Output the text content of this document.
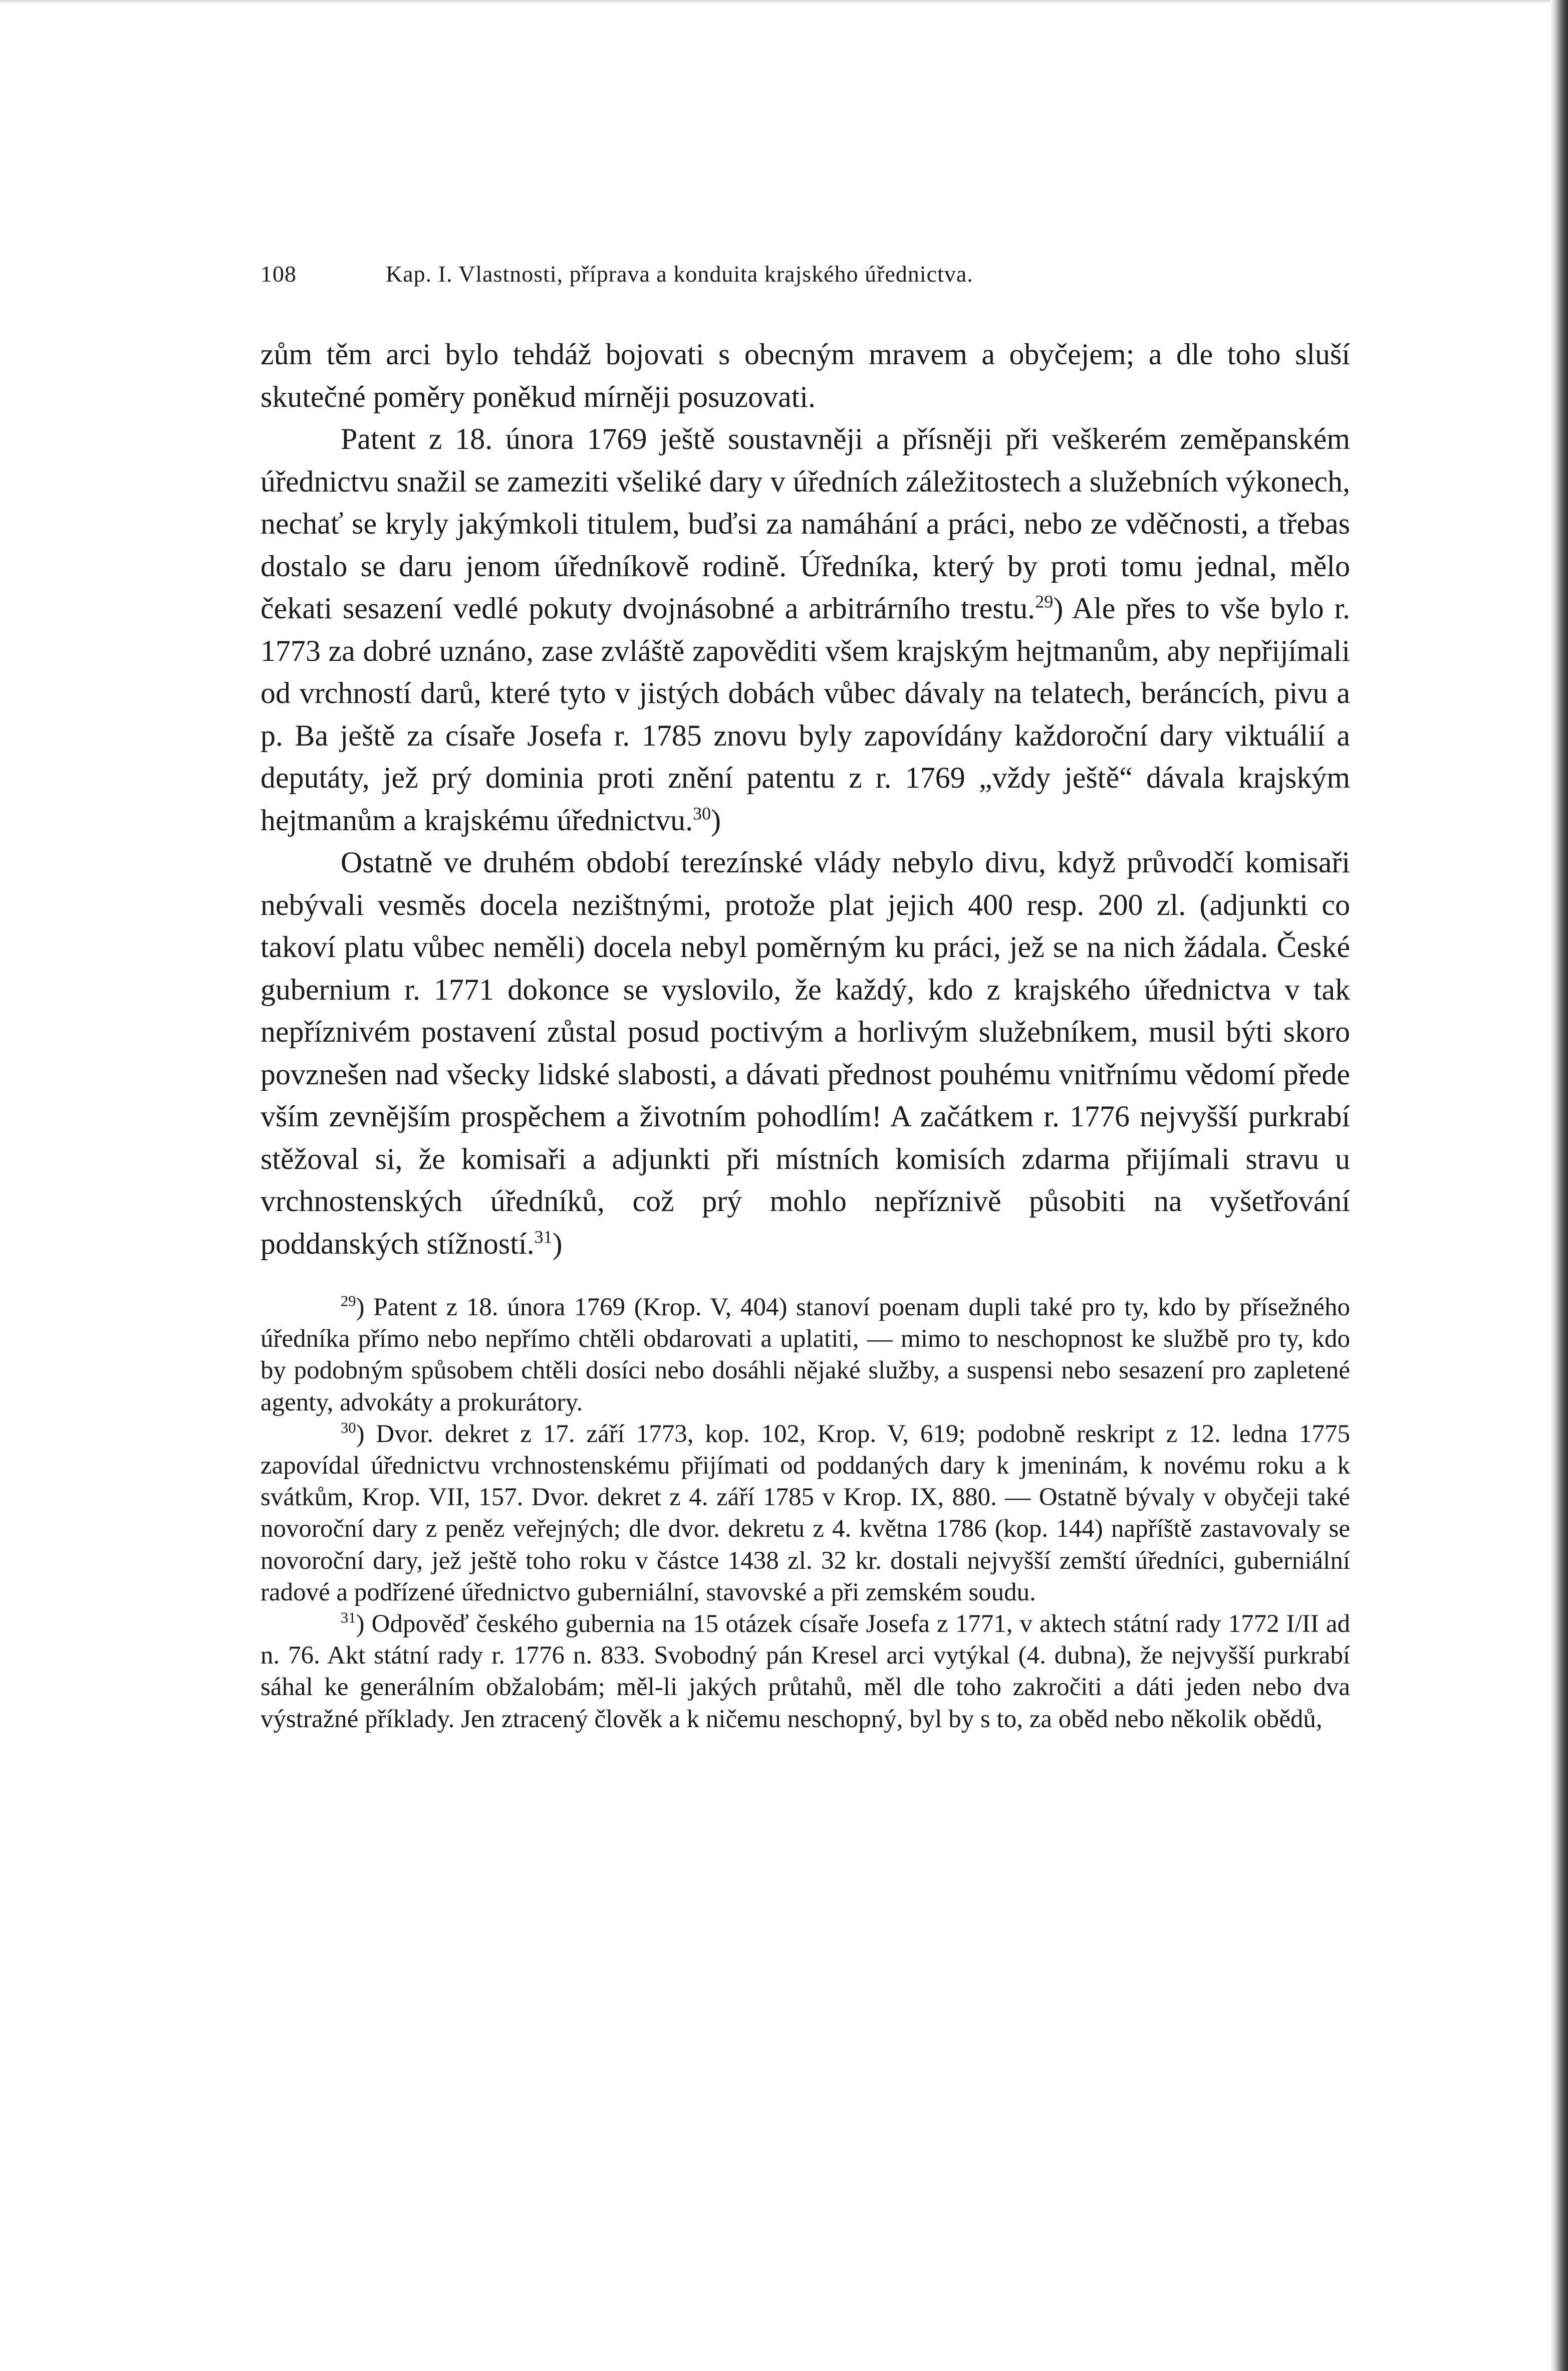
108	Kap. I. Vlastnosti, příprava a konduita krajského úřednictva.

zům těm arci bylo tehdáž bojovati s obecným mravem a obyčejem; a dle toho sluší skutečné poměry poněkud mírněji posuzovati.

Patent z 18. února 1769 ještě soustavněji a přísněji při veškerém zeměpanském úřednictvu snažil se zameziti všeliké dary v úředních záležitostech a služebních výkonech, nechať se kryly jakýmkoli titulem, buďsi za namáhání a práci, nebo ze vděčnosti, a třebas dostalo se daru jenom úředníkově rodině. Úředníka, který by proti tomu jednal, mělo čekati sesazení vedlé pokuty dvojnásobné a arbitrárního trestu.$^{29}$) Ale přes to vše bylo r. 1773 za dobré uznáno, zase zvláště zapověditi všem krajským hejtmanům, aby nepřijímali od vrchností darů, které tyto v jistých dobách vůbec dávaly na telatech, beráncích, pivu a p. Ba ještě za císaře Josefa r. 1785 znovu byly zapovídány každoroční dary viktuálií a deputáty, jež prý dominia proti znění patentu z r. 1769 „vždy ještě“ dávala krajským hejtmanům a krajskému úřednictvu.$^{30}$)

Ostatně ve druhém období terezínské vlády nebylo divu, když průvodčí komisaři nebývali vesměs docela nezištnými, protože plat jejich 400 resp. 200 zl. (adjunkti co takoví platu vůbec neměli) docela nebyl poměrným ku práci, jež se na nich žádala. České gubernium r. 1771 dokonce se vyslovilo, že každý, kdo z krajského úřednictva v tak nepříznivém postavení zůstal posud poctivým a horlivým služebníkem, musil býti skoro povznešen nad všecky lidské slabosti, a dávati přednost pouhému vnitřnímu vědomí přede vším zevnějším prospěchem a životním pohodlím! A začátkem r. 1776 nejvyšší purkrabí stěžoval si, že komisaři a adjunkti při místních komisích zdarma přijímali stravu u vrchnostenských úředníků, což prý mohlo nepříznivě působiti na vyšetřování poddanských stížností.$^{31}$)

$^{29}$) Patent z 18. února 1769 (Krop. V, 404) stanoví poenam dupli také pro ty, kdo by přísežného úředníka přímo nebo nepřímo chtěli obdarovati a uplatiti, — mimo to neschopnost ke službě pro ty, kdo by podobným spůsobem chtěli dosíci nebo dosáhli nějaké služby, a suspensi nebo sesazení pro zapletené agenty, advokáty a prokurátory.

$^{30}$) Dvor. dekret z 17. září 1773, kop. 102, Krop. V, 619; podobně reskript z 12. ledna 1775 zapovídal úřednictvu vrchnostenskému přijímati od poddaných dary k jmeninám, k novému roku a k svátkům, Krop. VII, 157. Dvor. dekret z 4. září 1785 v Krop. IX, 880. — Ostatně bývaly v obyčeji také novoroční dary z peněz veřejných; dle dvor. dekretu z 4. května 1786 (kop. 144) napříště zastavovaly se novoroční dary, jež ještě toho roku v částce 1438 zl. 32 kr. dostali nejvyšší zemští úředníci, guberniální radové a podřízené úřednictvo guberniální, stavovské a při zemském soudu.

$^{31}$) Odpověď českého gubernia na 15 otázek císaře Josefa z 1771, v aktech státní rady 1772 I/II ad n. 76. Akt státní rady r. 1776 n. 833. Svobodný pán Kresel arci vytýkal (4. dubna), že nejvyšší purkrabí sáhal ke generálním obžalobám; měl-li jakých průtahů, měl dle toho zakročiti a dáti jeden nebo dva výstražné příklady. Jen ztracený člověk a k ničemu neschopný, byl by s to, za oběd nebo několik obědů,
